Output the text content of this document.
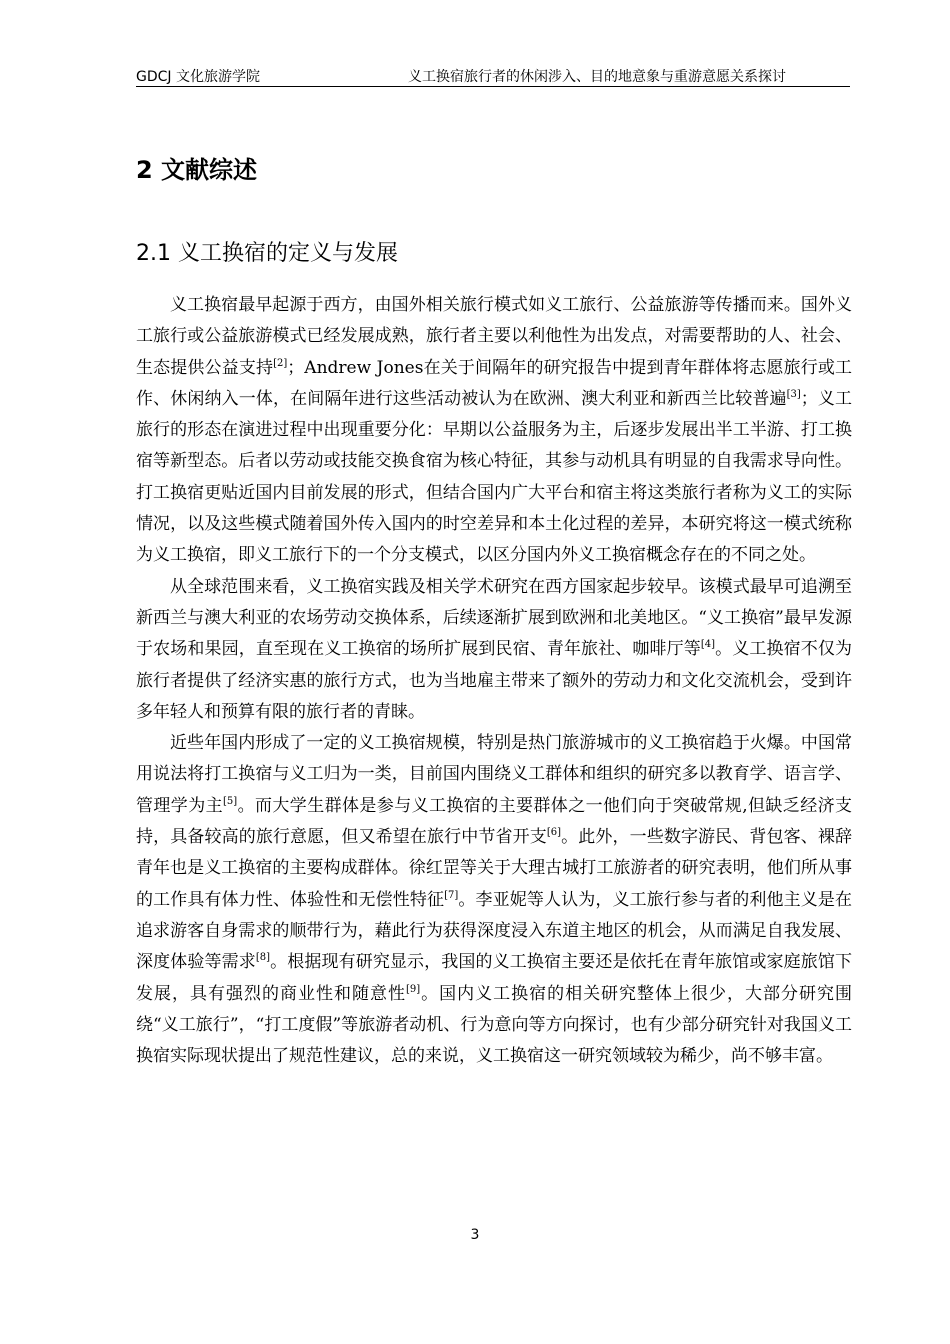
GDCJ 文化旅游学院	义工换宿旅行者的休闲涉入、目的地意象与重游意愿关系探讨
2 文献综述
2.1 义工换宿的定义与发展

义工换宿最早起源于西方，由国外相关旅行模式如义工旅行、公益旅游等传播而来。国外义工旅行或公益旅游模式已经发展成熟，旅行者主要以利他性为出发点，对需要帮助的人、社会、生态提供公益支持[2]；Andrew Jones在关于间隔年的研究报告中提到青年群体将志愿旅行或工作、休闲纳入一体，在间隔年进行这些活动被认为在欧洲、澳大利亚和新西兰比较普遍[3]；义工旅行的形态在演进过程中出现重要分化：早期以公益服务为主，后逐步发展出半工半游、打工换宿等新型态。后者以劳动或技能交换食宿为核心特征，其参与动机具有明显的自我需求导向性。打工换宿更贴近国内目前发展的形式，但结合国内广大平台和宿主将这类旅行者称为义工的实际情况，以及这些模式随着国外传入国内的时空差异和本土化过程的差异，本研究将这一模式统称为义工换宿，即义工旅行下的一个分支模式，以区分国内外义工换宿概念存在的不同之处。

从全球范围来看，义工换宿实践及相关学术研究在西方国家起步较早。该模式最早可追溯至新西兰与澳大利亚的农场劳动交换体系，后续逐渐扩展到欧洲和北美地区。“义工换宿”最早发源于农场和果园，直至现在义工换宿的场所扩展到民宿、青年旅社、咖啡厅等[4]。义工换宿不仅为旅行者提供了经济实惠的旅行方式，也为当地雇主带来了额外的劳动力和文化交流机会，受到许多年轻人和预算有限的旅行者的青睐。

近些年国内形成了一定的义工换宿规模，特别是热门旅游城市的义工换宿趋于火爆。中国常用说法将打工换宿与义工归为一类，目前国内围绕义工群体和组织的研究多以教育学、语言学、管理学为主[5]。而大学生群体是参与义工换宿的主要群体之一他们向于突破常规,但缺乏经济支持，具备较高的旅行意愿，但又希望在旅行中节省开支[6]。此外，一些数字游民、背包客、裸辞青年也是义工换宿的主要构成群体。徐红罡等关于大理古城打工旅游者的研究表明，他们所从事的工作具有体力性、体验性和无偿性特征[7]。李亚妮等人认为，义工旅行参与者的利他主义是在追求游客自身需求的顺带行为，藉此行为获得深度浸入东道主地区的机会，从而满足自我发展、深度体验等需求[8]。根据现有研究显示，我国的义工换宿主要还是依托在青年旅馆或家庭旅馆下发展，具有强烈的商业性和随意性[9]。国内义工换宿的相关研究整体上很少，大部分研究围绕“义工旅行”，“打工度假”等旅游者动机、行为意向等方向探讨，也有少部分研究针对我国义工换宿实际现状提出了规范性建议，总的来说，义工换宿这一研究领域较为稀少，尚不够丰富。

3
